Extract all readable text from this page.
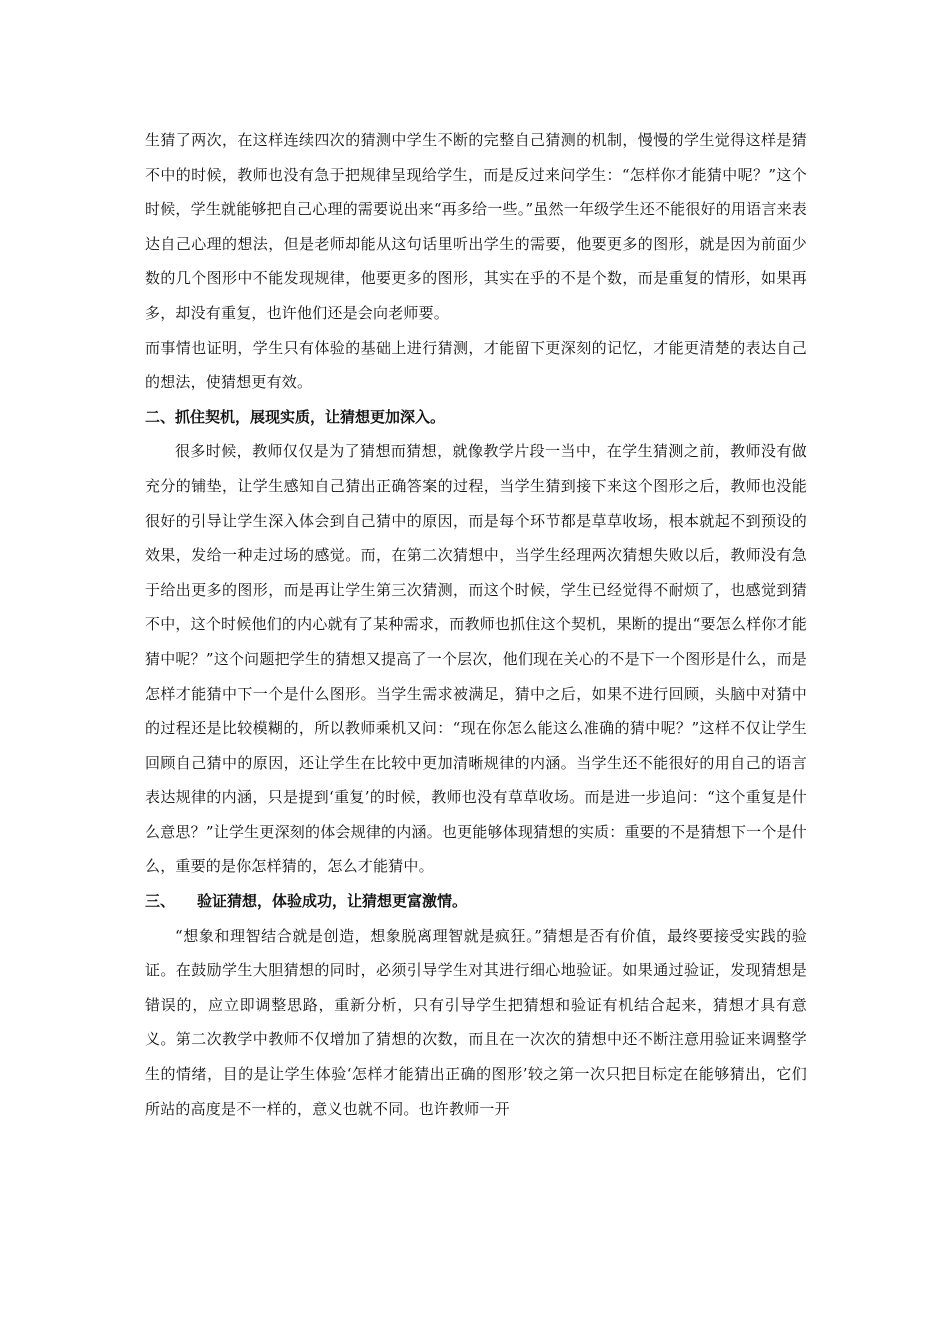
生猜了两次，在这样连续四次的猜测中学生不断的完整自己猜测的机制，慢慢的学生觉得这样是猜不中的时候，教师也没有急于把规律呈现给学生，而是反过来问学生：“怎样你才能猜中呢？”这个时候，学生就能够把自己心理的需要说出来“再多给一些。”虽然一年级学生还不能很好的用语言来表达自己心理的想法，但是老师却能从这句话里听出学生的需要，他要更多的图形，就是因为前面少数的几个图形中不能发现规律，他要更多的图形，其实在乎的不是个数，而是重复的情形，如果再多，却没有重复，也许他们还是会向老师要。

而事情也证明，学生只有体验的基础上进行猜测，才能留下更深刻的记忆，才能更清楚的表达自己的想法，使猜想更有效。

二、抓住契机，展现实质，让猜想更加深入。

很多时候，教师仅仅是为了猜想而猜想，就像教学片段一当中，在学生猜测之前，教师没有做充分的铺垫，让学生感知自己猜出正确答案的过程，当学生猜到接下来这个图形之后，教师也没能很好的引导让学生深入体会到自己猜中的原因，而是每个环节都是草草收场，根本就起不到预设的效果，发给一种走过场的感觉。而，在第二次猜想中，当学生经理两次猜想失败以后，教师没有急于给出更多的图形，而是再让学生第三次猜测，而这个时候，学生已经觉得不耐烦了，也感觉到猜不中，这个时候他们的内心就有了某种需求，而教师也抓住这个契机，果断的提出“要怎么样你才能猜中呢？”这个问题把学生的猜想又提高了一个层次，他们现在关心的不是下一个图形是什么，而是怎样才能猜中下一个是什么图形。当学生需求被满足，猜中之后，如果不进行回顾，头脑中对猜中的过程还是比较模糊的，所以教师乘机又问：“现在你怎么能这么准确的猜中呢？”这样不仅让学生回顾自己猜中的原因，还让学生在比较中更加清晰规律的内涵。当学生还不能很好的用自己的语言表达规律的内涵，只是提到‘重复’的时候，教师也没有草草收场。而是进一步追问：“这个重复是什么意思？”让学生更深刻的体会规律的内涵。也更能够体现猜想的实质：重要的不是猜想下一个是什么，重要的是你怎样猜的，怎么才能猜中。

三、 验证猜想，体验成功，让猜想更富激情。

“想象和理智结合就是创造，想象脱离理智就是疯狂。”猜想是否有价值，最终要接受实践的验证。在鼓励学生大胆猜想的同时，必须引导学生对其进行细心地验证。如果通过验证，发现猜想是错误的，应立即调整思路，重新分析，只有引导学生把猜想和验证有机结合起来，猜想才具有意义。第二次教学中教师不仅增加了猜想的次数，而且在一次次的猜想中还不断注意用验证来调整学生的情绪，目的是让学生体验‘怎样才能猜出正确的图形’较之第一次只把目标定在能够猜出，它们所站的高度是不一样的，意义也就不同。也许教师一开
